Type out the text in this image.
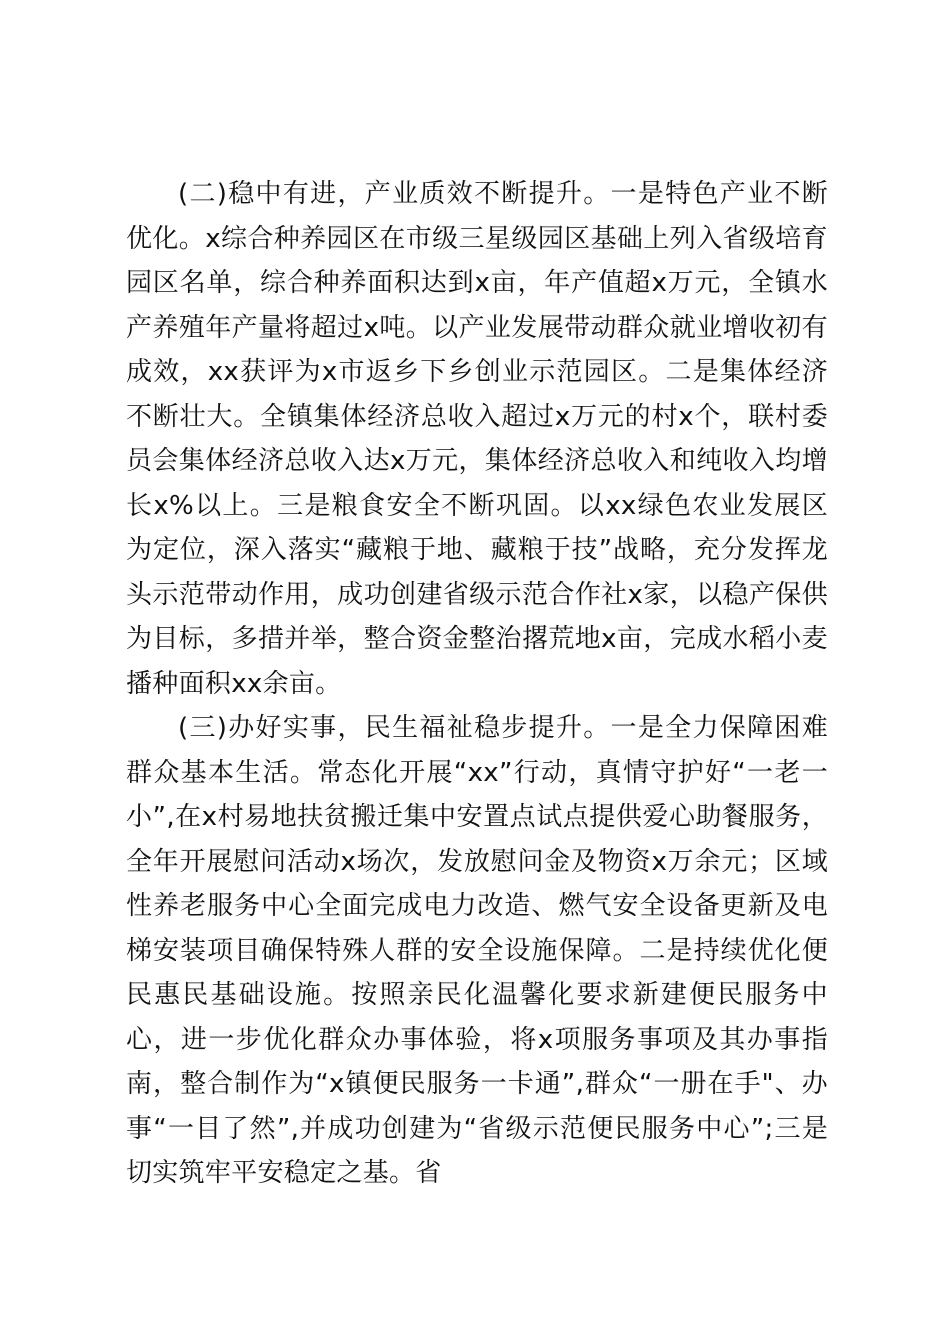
(二)稳中有进，产业质效不断提升。一是特色产业不断优化。x综合种养园区在市级三星级园区基础上列入省级培育园区名单，综合种养面积达到x亩，年产值超x万元，全镇水产养殖年产量将超过x吨。以产业发展带动群众就业增收初有成效，xx获评为x市返乡下乡创业示范园区。二是集体经济不断壮大。全镇集体经济总收入超过x万元的村x个，联村委员会集体经济总收入达x万元，集体经济总收入和纯收入均增长x%以上。三是粮食安全不断巩固。以xx绿色农业发展区为定位，深入落实“藏粮于地、藏粮于技”战略，充分发挥龙头示范带动作用，成功创建省级示范合作社x家，以稳产保供为目标，多措并举，整合资金整治撂荒地x亩，完成水稻小麦播种面积xx余亩。

(三)办好实事，民生福祉稳步提升。一是全力保障困难群众基本生活。常态化开展“xx”行动，真情守护好“一老一小”,在x村易地扶贫搬迁集中安置点试点提供爱心助餐服务，全年开展慰问活动x场次，发放慰问金及物资x万余元；区域性养老服务中心全面完成电力改造、燃气安全设备更新及电梯安装项目确保特殊人群的安全设施保障。二是持续优化便民惠民基础设施。按照亲民化温馨化要求新建便民服务中心，进一步优化群众办事体验，将x项服务事项及其办事指南，整合制作为“x镇便民服务一卡通”,群众“一册在手"、办事“一目了然”,并成功创建为“省级示范便民服务中心”;三是切实筑牢平安稳定之基。省
